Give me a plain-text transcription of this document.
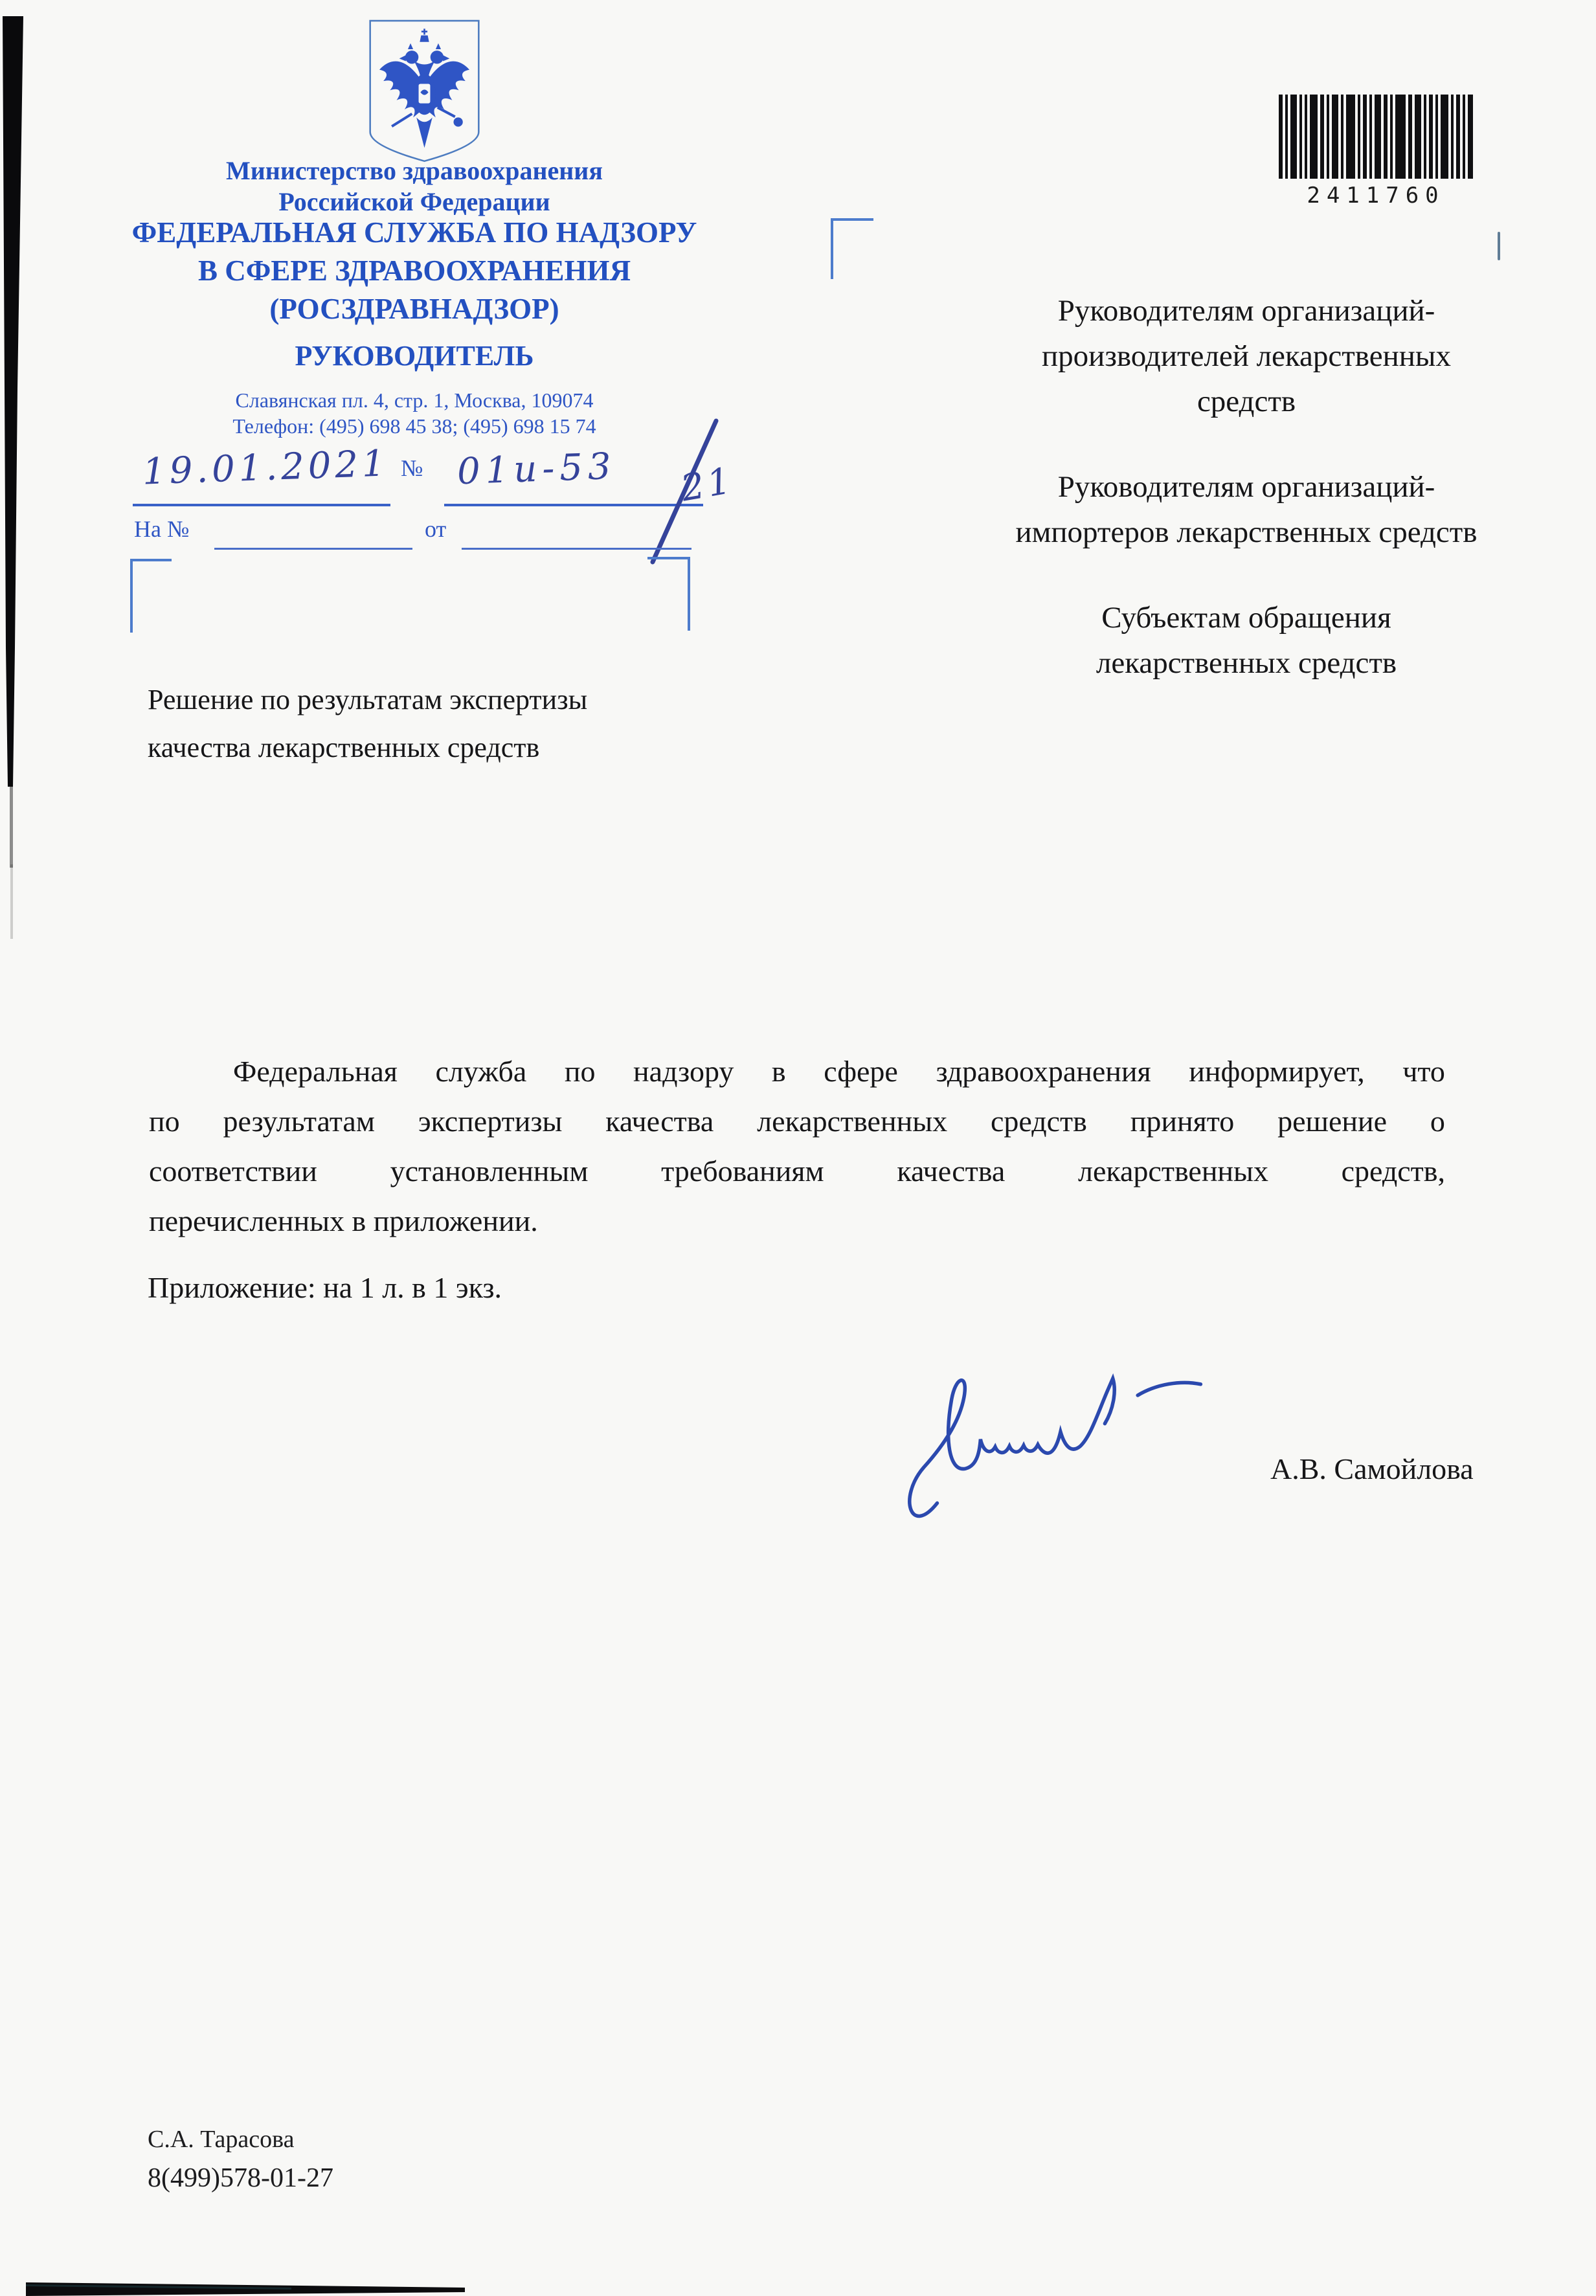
Министерство здравоохранения
Российской Федерации
ФЕДЕРАЛЬНАЯ СЛУЖБА ПО НАДЗОРУ
В СФЕРЕ ЗДРАВООХРАНЕНИЯ
(РОСЗДРАВНАДЗОР)
РУКОВОДИТЕЛЬ
Славянская пл. 4, стр. 1, Москва, 109074
Телефон: (495) 698 45 38; (495) 698 15 74
19.01.2021 № 01и-53 21
На №	от
2411760
Руководителям организаций-
производителей лекарственных
средств
Руководителям организаций-
импортеров лекарственных средств
Субъектам обращения
лекарственных средств
Решение по результатам экспертизы
качества лекарственных средств
Федеральная служба по надзору в сфере здравоохранения информирует, что
по результатам экспертизы качества лекарственных средств принято решение о
соответствии установленным требованиям качества лекарственных средств,
перечисленных в приложении.
Приложение: на 1 л. в 1 экз.
А.В. Самойлова
С.А. Тарасова
8(499)578-01-27
